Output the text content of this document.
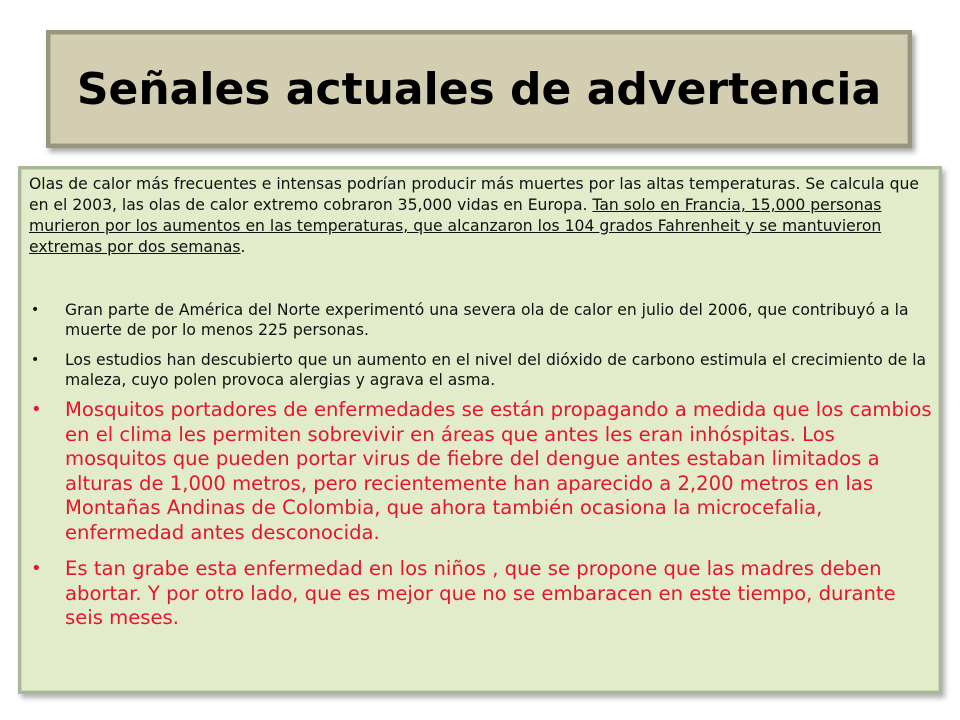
Señales actuales de advertencia

Olas de calor más frecuentes e intensas podrían producir más muertes por las altas temperaturas. Se calcula que en el 2003, las olas de calor extremo cobraron 35,000 vidas en Europa. Tan solo en Francia, 15,000 personas murieron por los aumentos en las temperaturas, que alcanzaron los 104 grados Fahrenheit y se mantuvieron extremas por dos semanas.

• Gran parte de América del Norte experimentó una severa ola de calor en julio del 2006, que contribuyó a la muerte de por lo menos 225 personas.
• Los estudios han descubierto que un aumento en el nivel del dióxido de carbono estimula el crecimiento de la maleza, cuyo polen provoca alergias y agrava el asma.
• Mosquitos portadores de enfermedades se están propagando a medida que los cambios en el clima les permiten sobrevivir en áreas que antes les eran inhóspitas. Los mosquitos que pueden portar virus de fiebre del dengue antes estaban limitados a alturas de 1,000 metros, pero recientemente han aparecido a 2,200 metros en las Montañas Andinas de Colombia, que ahora también ocasiona la microcefalia, enfermedad antes desconocida.
• Es tan grabe esta enfermedad en los niños , que se propone que las madres deben abortar. Y por otro lado, que es mejor que no se embaracen en este tiempo, durante seis meses.
